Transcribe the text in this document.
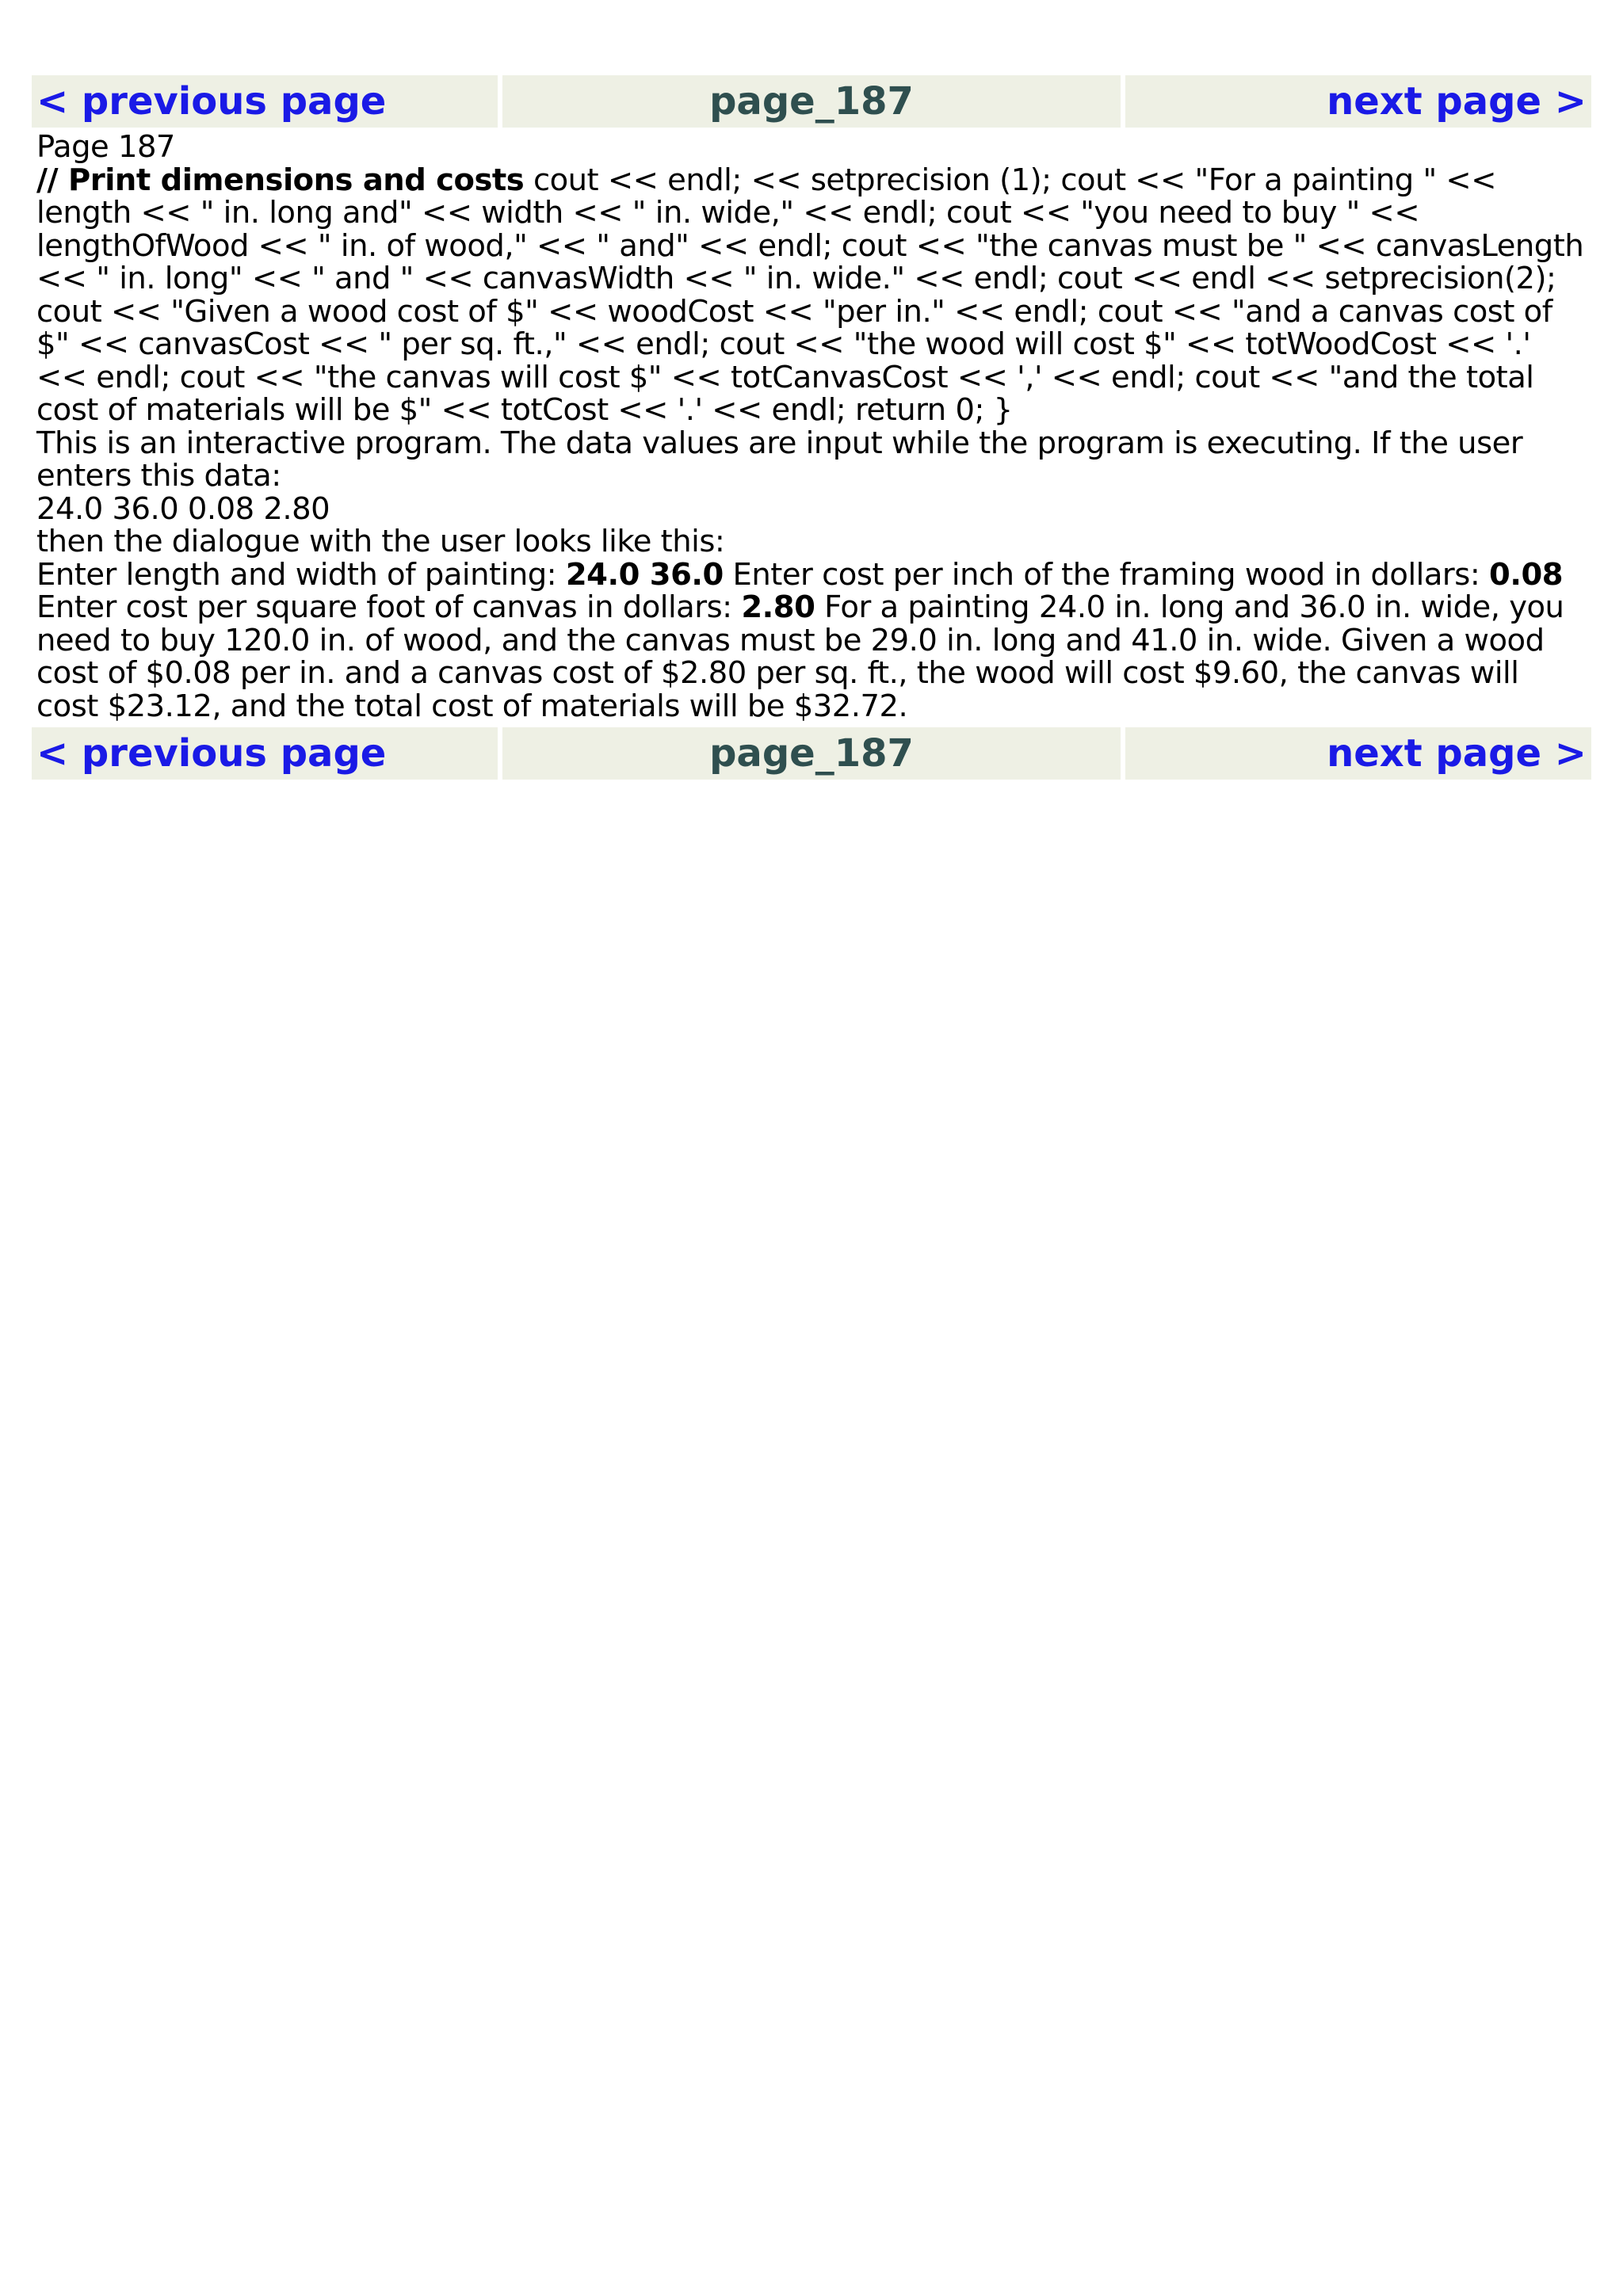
< previous page	page_187	next page >

Page 187

// Print dimensions and costs cout << endl; << setprecision (1); cout << "For a painting " << length << " in. long and" << width << " in. wide," << endl; cout << "you need to buy " << lengthOfWood << " in. of wood," << " and" << endl; cout << "the canvas must be " << canvasLength << " in. long" << " and " << canvasWidth << " in. wide." << endl; cout << endl << setprecision(2); cout << "Given a wood cost of $" << woodCost << "per in." << endl; cout << "and a canvas cost of $" << canvasCost << " per sq. ft.," << endl; cout << "the wood will cost $" << totWoodCost << '.' << endl; cout << "the canvas will cost $" << totCanvasCost << ',' << endl; cout << "and the total cost of materials will be $" << totCost << '.' << endl; return 0; }

This is an interactive program. The data values are input while the program is executing. If the user enters this data:

24.0 36.0 0.08 2.80

then the dialogue with the user looks like this:

Enter length and width of painting: 24.0 36.0 Enter cost per inch of the framing wood in dollars: 0.08 Enter cost per square foot of canvas in dollars: 2.80 For a painting 24.0 in. long and 36.0 in. wide, you need to buy 120.0 in. of wood, and the canvas must be 29.0 in. long and 41.0 in. wide. Given a wood cost of $0.08 per in. and a canvas cost of $2.80 per sq. ft., the wood will cost $9.60, the canvas will cost $23.12, and the total cost of materials will be $32.72.

< previous page	page_187	next page >
